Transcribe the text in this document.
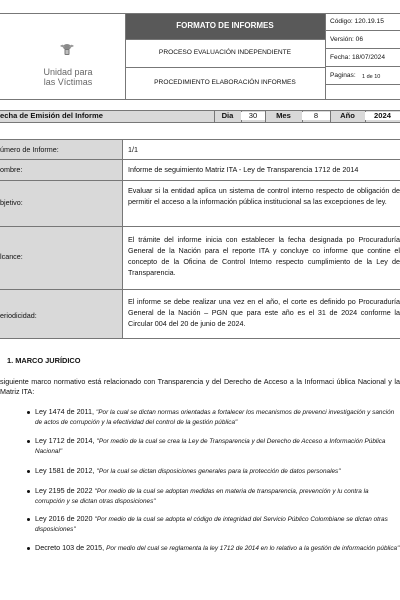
FORMATO DE INFORMES
Unidad para
las Víctimas
PROCESO EVALUACIÓN INDEPENDIENTE
PROCEDIMIENTO ELABORACIÓN INFORMES
Código: 120.19.15
Versión: 06
Fecha: 18/07/2024
Paginas: 1 de 10
echa de Emisión del Informe	Dia	30	Mes	8	Año	2024
úmero de Informe:	1/1
ombre:	Informe de seguimiento Matriz ITA - Ley de Transparencia 1712 de 2014
bjetivo:
Evaluar si la entidad aplica un sistema de control interno respecto de obligación de permitir el acceso a la información pública institucional sa las excepciones de ley.
lcance:
El trámite del informe inicia con establecer la fecha designada po Procuraduría General de la Nación para el reporte ITA y concluye co informe que contine el concepto de la Oficina de Control Interno respecto cumplimiento de la Ley de Transparencia.
eriodicidad:
El informe se debe realizar una vez en el año, el corte es definido po Procuraduría General de la Nación – PGN que para este año es el 31 de 2024 conforme la Circular 004 del 20 de junio de 2024.
1. MARCO JURÍDICO
siguiente marco normativo está relacionado con Transparencia y del Derecho de Acceso a la Informaci ública Nacional y la Matriz ITA:
Ley 1474 de 2011, "Por la cual se dictan normas orientadas a fortalecer los mecanismos de prevenci investigación y sanción de actos de corrupción y la efectividad del control de la gestión pública"
Ley 1712 de 2014, "Por medio de la cual se crea la Ley de Transparencia y del Derecho de Acceso a Información Pública Nacional"
Ley 1581 de 2012, "Por la cual se dictan disposiciones generales para la protección de datos personales"
Ley 2195 de 2022 "Por medio de la cual se adoptan medidas en materia de transparencia, prevención y lu contra la corrupción y se dictan otras disposiciones"
Ley 2016 de 2020 "Por medio de la cual se adopta el código de integridad del Servicio Público Colombiane se dictan otras disposiciones"
Decreto 103 de 2015, Por medio del cual se reglamenta la ley 1712 de 2014 en lo relativo a la gestión de información pública"
